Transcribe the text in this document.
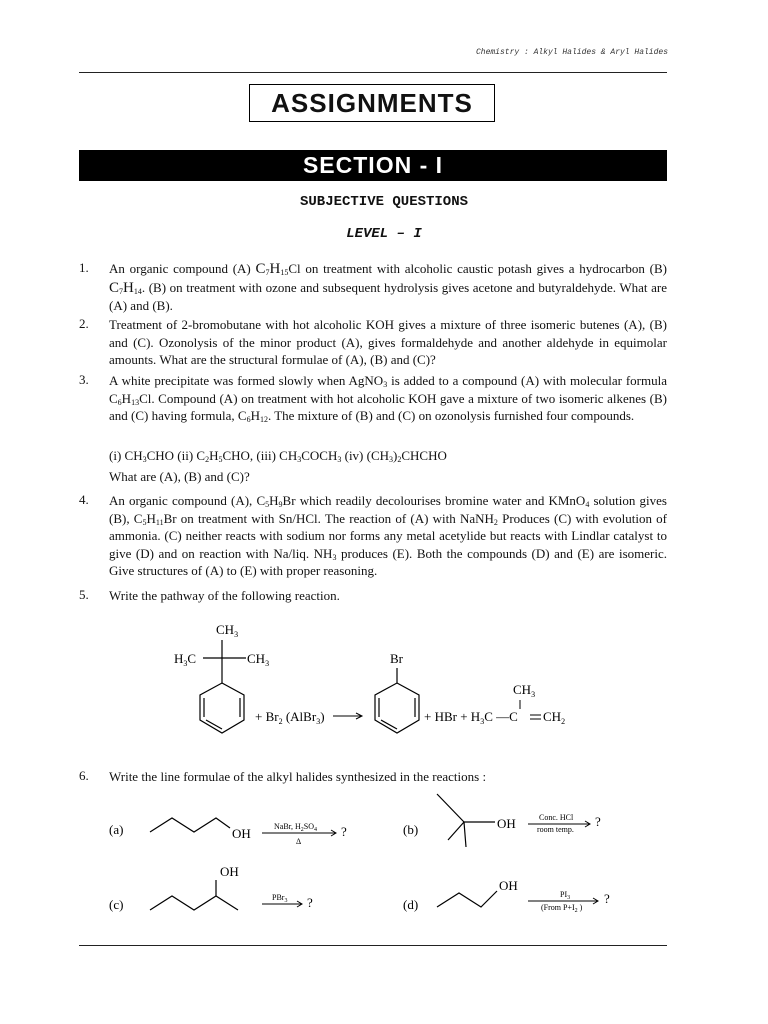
Chemistry : Alkyl Halides & Aryl Halides
ASSIGNMENTS
SECTION - I
SUBJECTIVE QUESTIONS
LEVEL – I
1. An organic compound (A) $C_7H_{15}Cl$ on treatment with alcoholic caustic potash gives a hydrocarbon (B) $C_7H_{14}$. (B) on treatment with ozone and subsequent hydrolysis gives acetone and butyraldehyde. What are (A) and (B).
2. Treatment of 2-bromobutane with hot alcoholic KOH gives a mixture of three isomeric butenes (A), (B) and (C). Ozonolysis of the minor product (A), gives formaldehyde and another aldehyde in equimolar amounts. What are the structural formulae of (A), (B) and (C)?
3. A white precipitate was formed slowly when AgNO$_3$ is added to a compound (A) with molecular formula $C_6H_{13}Cl$. Compound (A) on treatment with hot alcoholic KOH gave a mixture of two isomeric alkenes (B) and (C) having formula, $C_6H_{12}$. The mixture of (B) and (C) on ozonolysis furnished four compounds.
(i) $CH_3CHO$ (ii) $C_2H_5CHO$, (iii) $CH_3COCH_3$ (iv) $(CH_3)_2CHCHO$
What are (A), (B) and (C)?
4. An organic compound (A), $C_5H_9Br$ which readily decolourises bromine water and KMnO$_4$ solution gives (B), $C_5H_{11}Br$ on treatment with Sn/HCl. The reaction of (A) with NaNH$_2$ Produces (C) with evolution of ammonia. (C) neither reacts with sodium nor forms any metal acetylide but reacts with Lindlar catalyst to give (D) and on reaction with Na/liq. $NH_3$ produces (E). Both the compounds (D) and (E) are isomeric. Give structures of (A) to (E) with proper reasoning.
5. Write the pathway of the following reaction.
$CH_3$
$H_3C$	$CH_3$
+ $Br_2$ (AlBr$_3$)
Br
+ HBr + $H_3C$ —C
$CH_3$
$CH_2$
6. Write the line formulae of the alkyl halides synthesized in the reactions :
(a)	OH	NaBr, $H_2SO_4$
Δ
?	(b)	OH	Conc. HCl
room temp.
?
OH
(c)	PBr$_3$ ?	(d)
OH
$PI_3$
(From $P+I_2$ )
?
